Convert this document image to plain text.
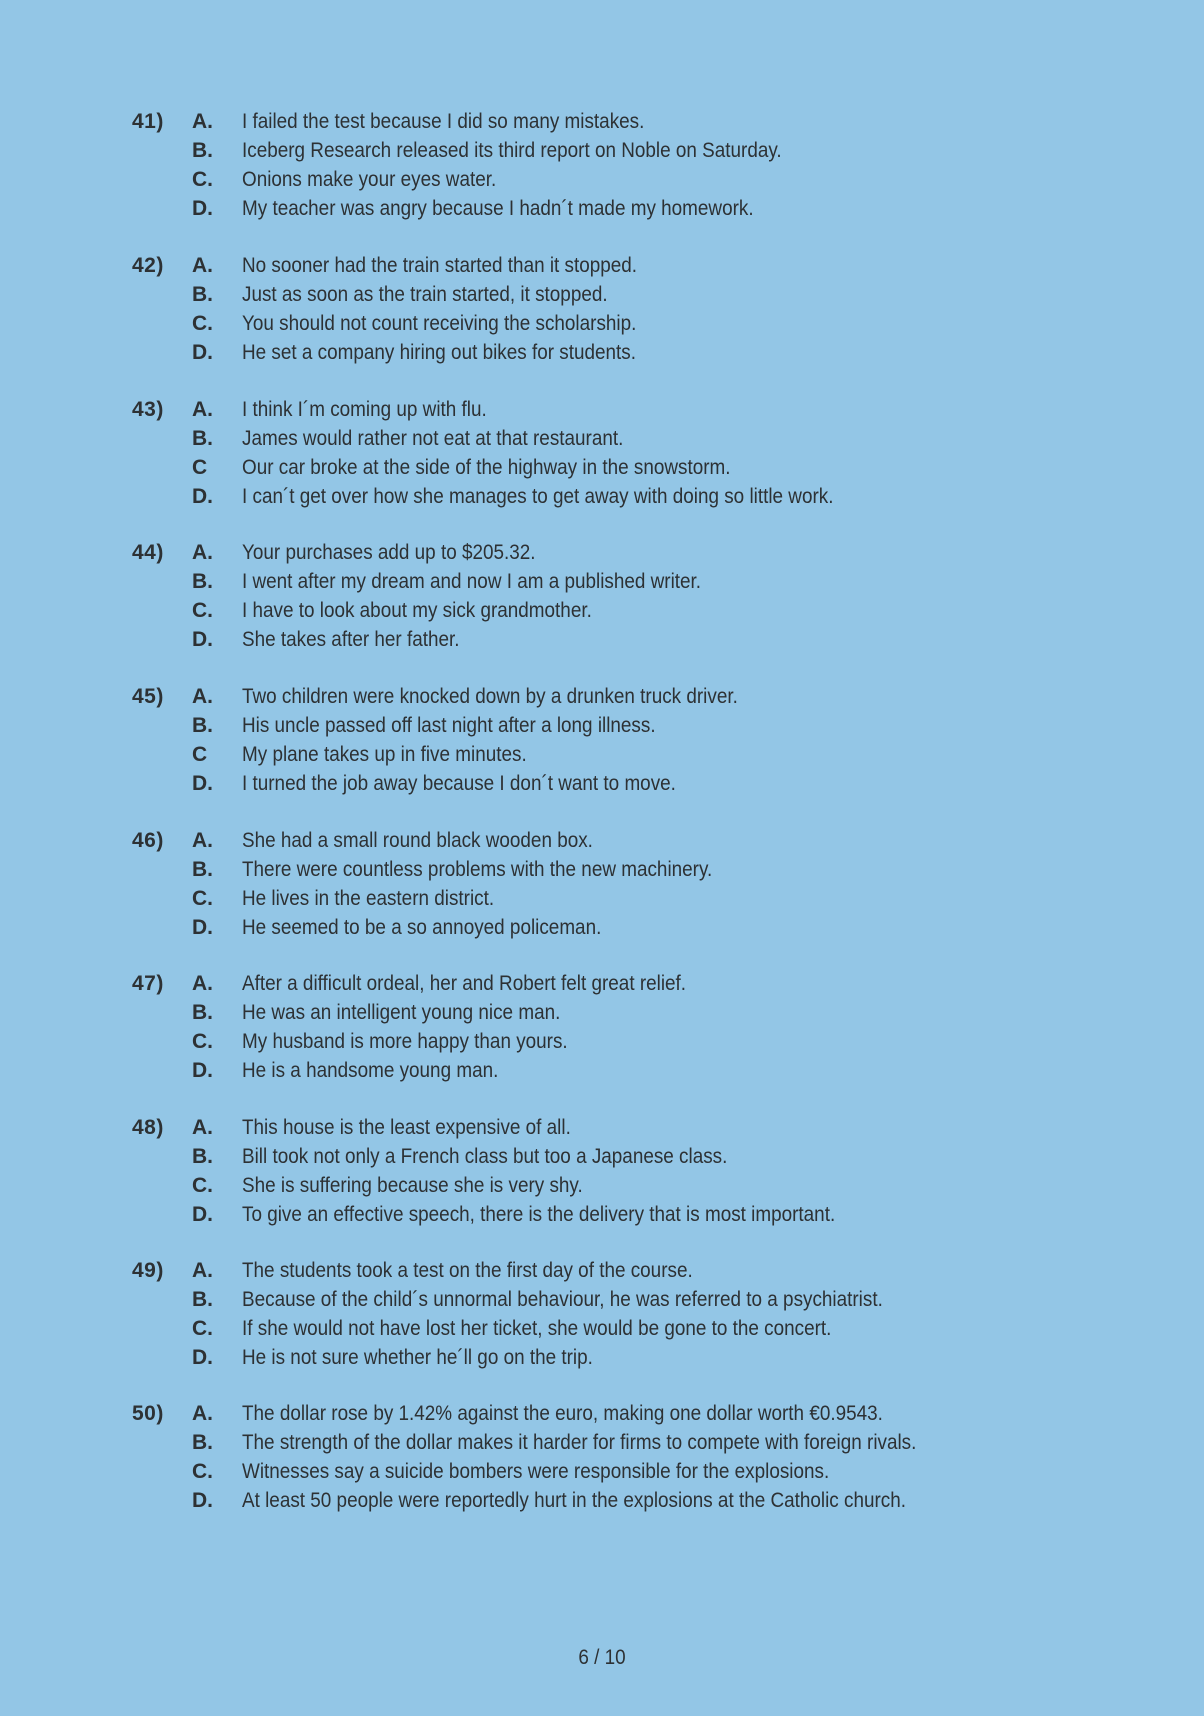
41) A.	I failed the test because I did so many mistakes.
B.	Iceberg Research released its third report on Noble on Saturday.
C.	Onions make your eyes water.
D.	My teacher was angry because I hadn´t made my homework.
42) A.	No sooner had the train started than it stopped.
B.	Just as soon as the train started, it stopped.
C.	You should not count receiving the scholarship.
D.	He set a company hiring out bikes for students.
43) A.	I think I´m coming up with flu.
B.	James would rather not eat at that restaurant.
C	Our car broke at the side of the highway in the snowstorm.
D.	I can´t get over how she manages to get away with doing so little work.
44) A.	Your purchases add up to $205.32.
B.	I went after my dream and now I am a published writer.
C.	I have to look about my sick grandmother.
D.	She takes after her father.
45) A.	Two children were knocked down by a drunken truck driver.
B.	His uncle passed off last night after a long illness.
C	My plane takes up in five minutes.
D.	I turned the job away because I don´t want to move.
46) A.	She had a small round black wooden box.
B.	There were countless problems with the new machinery.
C.	He lives in the eastern district.
D.	He seemed to be a so annoyed policeman.
47) A.	After a difficult ordeal, her and Robert felt great relief.
B.	He was an intelligent young nice man.
C.	My husband is more happy than yours.
D.	He is a handsome young man.
48) A.	This house is the least expensive of all.
B.	Bill took not only a French class but too a Japanese class.
C.	She is suffering because she is very shy.
D.	To give an effective speech, there is the delivery that is most important.
49) A.	The students took a test on the first day of the course.
B.	Because of the child´s unnormal behaviour, he was referred to a psychiatrist.
C.	If she would not have lost her ticket, she would be gone to the concert.
D.	He is not sure whether he´ll go on the trip.
50) A.	The dollar rose by 1.42% against the euro, making one dollar worth €0.9543.
B.	The strength of the dollar makes it harder for firms to compete with foreign rivals.
C.	Witnesses say a suicide bombers were responsible for the explosions.
D.	At least 50 people were reportedly hurt in the explosions at the Catholic church.
6 / 10
